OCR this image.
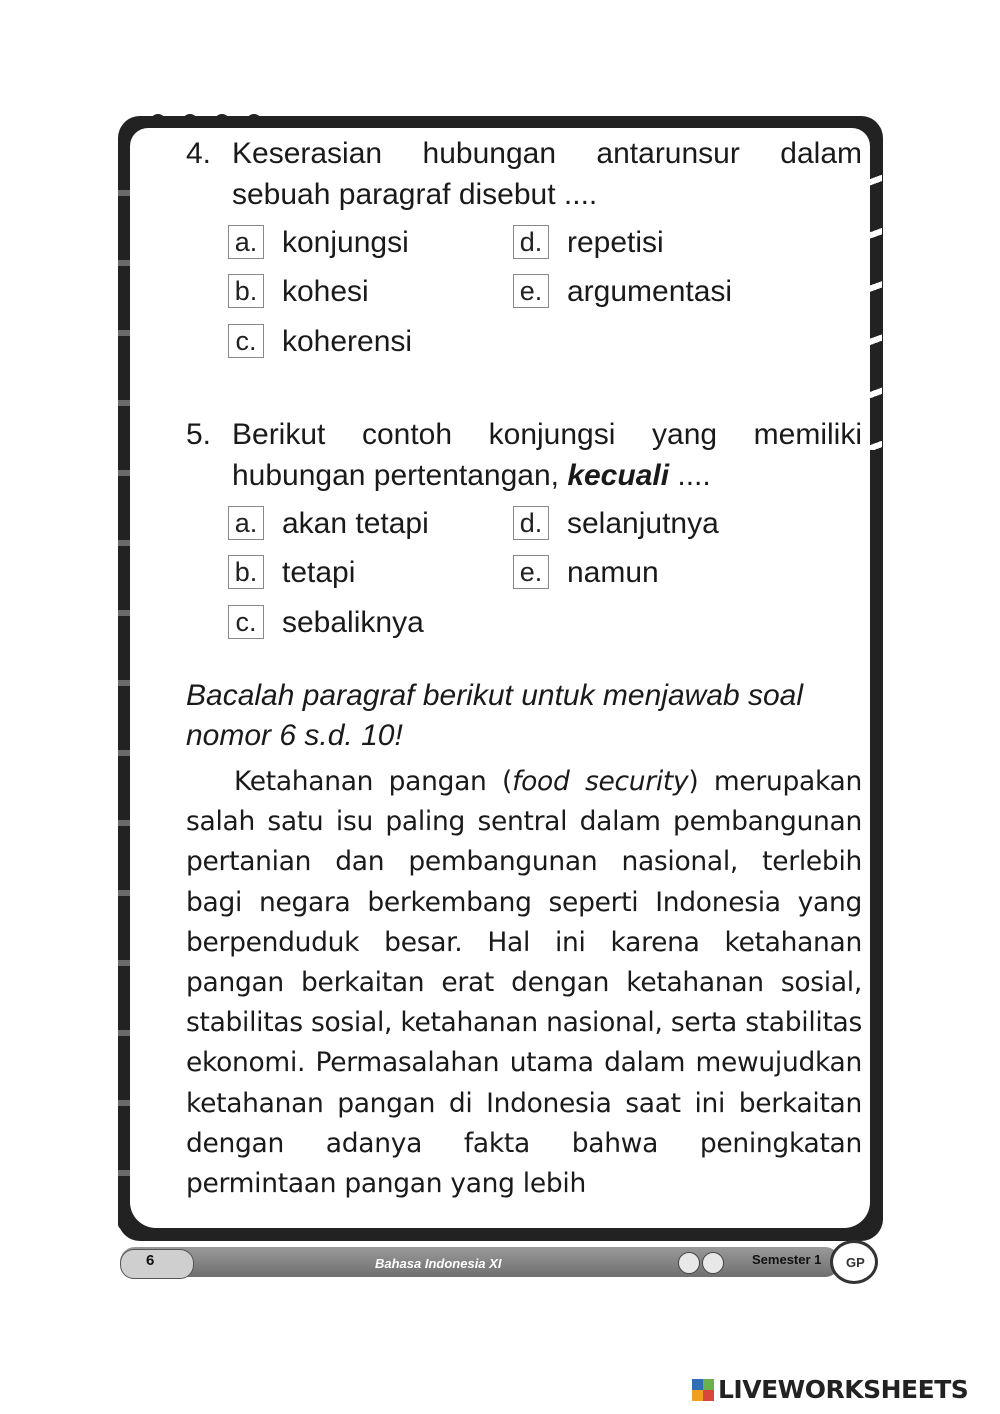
4. Keserasian hubungan antarunsur dalam sebuah paragraf disebut ....
a. konjungsi
b. kohesi
c. koherensi
d. repetisi
e. argumentasi
5. Berikut contoh konjungsi yang memiliki hubungan pertentangan, kecuali ....
a. akan tetapi
b. tetapi
c. sebaliknya
d. selanjutnya
e. namun
Bacalah paragraf berikut untuk menjawab soal nomor 6 s.d. 10!
Ketahanan pangan (food security) merupakan salah satu isu paling sentral dalam pembangunan pertanian dan pembangunan nasional, terlebih bagi negara berkembang seperti Indonesia yang berpenduduk besar. Hal ini karena ketahanan pangan berkaitan erat dengan ketahanan sosial, stabilitas sosial, ketahanan nasional, serta stabilitas ekonomi. Permasalahan utama dalam mewujudkan ketahanan pangan di Indonesia saat ini berkaitan dengan adanya fakta bahwa peningkatan permintaan pangan yang lebih
6	Bahasa Indonesia XI	Semester 1 GP
LIVEWORKSHEETS
